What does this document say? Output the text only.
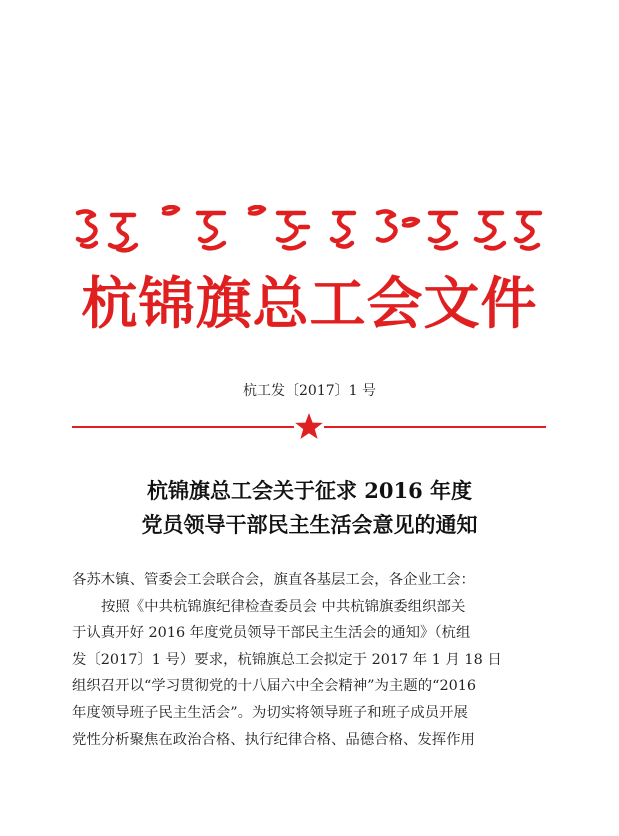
杭锦旗总工会文件
杭工发〔2017〕1 号
杭锦旗总工会关于征求 2016 年度
党员领导干部民主生活会意见的通知

各苏木镇、管委会工会联合会，旗直各基层工会，各企业工会：

按照《中共杭锦旗纪律检查委员会 中共杭锦旗委组织部关

于认真开好 2016 年度党员领导干部民主生活会的通知》（杭组

发〔2017〕1 号）要求，杭锦旗总工会拟定于 2017 年 1 月 18 日

组织召开以“学习贯彻党的十八届六中全会精神”为主题的“2016

年度领导班子民主生活会”。为切实将领导班子和班子成员开展

党性分析聚焦在政治合格、执行纪律合格、品德合格、发挥作用
